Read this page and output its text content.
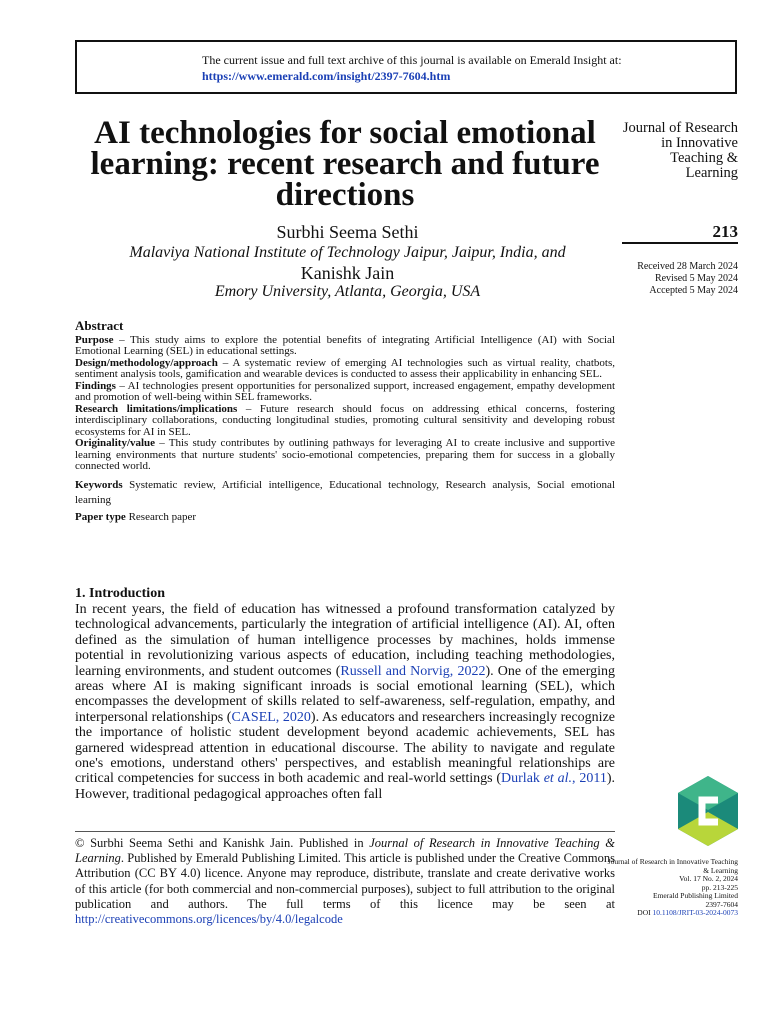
The current issue and full text archive of this journal is available on Emerald Insight at:
https://www.emerald.com/insight/2397-7604.htm
AI technologies for social emotional learning: recent research and future directions
Surbhi Seema Sethi
Malaviya National Institute of Technology Jaipur, Jaipur, India, and
Kanishk Jain
Emory University, Atlanta, Georgia, USA
Journal of Research in Innovative Teaching & Learning
213
Received 28 March 2024
Revised 5 May 2024
Accepted 5 May 2024
Abstract

Purpose – This study aims to explore the potential benefits of integrating Artificial Intelligence (AI) with Social Emotional Learning (SEL) in educational settings.

Design/methodology/approach – A systematic review of emerging AI technologies such as virtual reality, chatbots, sentiment analysis tools, gamification and wearable devices is conducted to assess their applicability in enhancing SEL.

Findings – AI technologies present opportunities for personalized support, increased engagement, empathy development and promotion of well-being within SEL frameworks.

Research limitations/implications – Future research should focus on addressing ethical concerns, fostering interdisciplinary collaborations, conducting longitudinal studies, promoting cultural sensitivity and developing robust ecosystems for AI in SEL.

Originality/value – This study contributes by outlining pathways for leveraging AI to create inclusive and supportive learning environments that nurture students' socio-emotional competencies, preparing them for success in a globally connected world.

Keywords Systematic review, Artificial intelligence, Educational technology, Research analysis, Social emotional learning

Paper type Research paper

1. Introduction

In recent years, the field of education has witnessed a profound transformation catalyzed by technological advancements, particularly the integration of artificial intelligence (AI). AI, often defined as the simulation of human intelligence processes by machines, holds immense potential in revolutionizing various aspects of education, including teaching methodologies, learning environments, and student outcomes (Russell and Norvig, 2022). One of the emerging areas where AI is making significant inroads is social emotional learning (SEL), which encompasses the development of skills related to self-awareness, self-regulation, empathy, and interpersonal relationships (CASEL, 2020). As educators and researchers increasingly recognize the importance of holistic student development beyond academic achievements, SEL has garnered widespread attention in educational discourse. The ability to navigate and regulate one's emotions, understand others' perspectives, and establish meaningful relationships are critical competencies for success in both academic and real-world settings (Durlak et al., 2011). However, traditional pedagogical approaches often fall

© Surbhi Seema Sethi and Kanishk Jain. Published in Journal of Research in Innovative Teaching & Learning. Published by Emerald Publishing Limited. This article is published under the Creative Commons Attribution (CC BY 4.0) licence. Anyone may reproduce, distribute, translate and create derivative works of this article (for both commercial and non-commercial purposes), subject to full attribution to the original publication and authors. The full terms of this licence may be seen at http://creativecommons.org/licences/by/4.0/legalcode

Journal of Research in Innovative Teaching & Learning
Vol. 17 No. 2, 2024
pp. 213-225
Emerald Publishing Limited
2397-7604
DOI 10.1108/JRIT-03-2024-0073
